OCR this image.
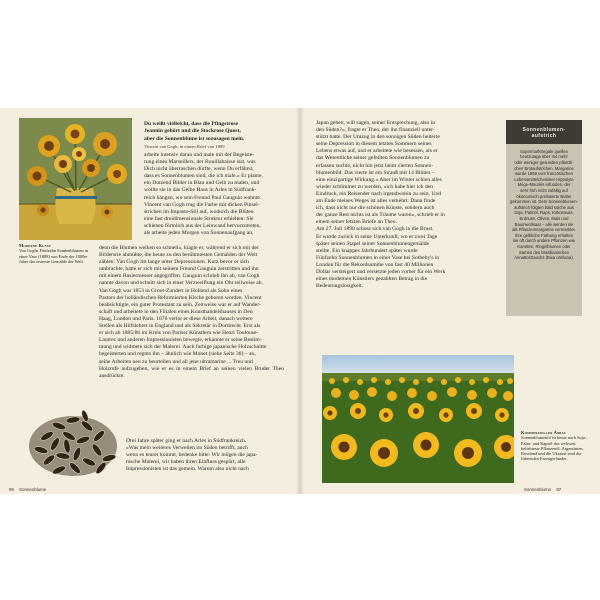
Moderne Kunst
Van Goghs Fünfzehn Sonnenblumen in einer Vase (1888) von Ende der 1880er Jahre das teuerste Gemälde der Welt.
Du weißt vielleicht, dass die Pfingstrose
Jeannin gehört und die Stockrose Quost,
aber die Sonnenblume ist sozusagen mein.
Vincent van Gogh, in einem Brief von 1889
arbeite intensiv daran und male mit der Begeiste-
rung eines Marseillers, der Bouillabaisse isst, was
Dich nicht überraschen dürfte, wenn Du erfährst,
dass es Sonnenblumen sind, die ich male.« Er plante,
ein Dutzend Bilder in Blau und Gelb zu malen, und
wollte sie in das Gelbe Haus in Arles in Südfrank-
reich hängen, wo sein Freund Paul Gauguin wohnte.
Vincent van Gogh trug die Farbe mit dicken Pinsel-
strichen im Impasto-Stil auf, wodurch die Blüten
eine fast dreidimensionale Struktur erhielten: Sie
schienen förmlich aus der Leinwand hervorzutreten,
als arbeite jeden Morgen von Sonnenaufgang an,
denn die Blumen welken so schnell«, klagte er, während er sich mit der
Bildersrie abmühte, die heute zu den berühmtesten Gemälden der Welt
zählen. Van Gogh litt lange unter Depressionen. Kurz bevor er sich
umbrachte, hatte er sich mit seinem Freund Gauguin zerstritten und ihn
mit einem Rasiermesser angegriffen. Gauguin schrieb ihn ab, van Gogh
nannte davon und schnitt sich in einer Verzweiflung ein Ohr teilweise ab.
Van Gogh war 1853 in Groot-Zundert in Holland als Sohn eines
Pastors der holländischen Reformierten Kirche geboren worden. Vincent
beabsichtigte, ein guter Protestant zu sein. Zeitweise war er auf Wander-
schaft und arbeitete in den Filialen eines Kunsthandelshauses in Den
Haag, London und Paris. 1876 verlor er diese Arbeit, danach weitere
Stellen als Hilfslehrer in England und als Sekretär in Dordrecht. Erst als
er sich ab 1885/86 im Kreis von Pariser Künstlern wie Henri Toulouse-
Lautrec und anderen Impressionisten bewegte, erkannte er seine Bestim-
mung und widmete sich der Malerei. Auch farbige japanische Holzschnitte
begeisterten und regten ihn – ähnlich wie Monet (siehe Seite 38) – an,
seine Arbeiten neu zu beurteilen und all jene ultramarine ... Treu und
Holzrufe aufzugeben, wie er es in einem Brief an seinen vielen Bruder Theo ausdrückte.
Drei Jahre später ging er nach Arles in Südfrankreich.
»Was mein weiteres Verweilen im Süden betrifft, auch
wenn es teurer kommt, bedenke bitte: Wir mögen die japa-
nische Malerei, wir haben ihren Einfluss gespürt, alle
Impressionisten ist das gemein. Warum also nicht nach
96 Sonnenblume
Japan gehen, will sagen, seiner Entsprechung, also in
den Süden?«, fragte er Theo, der ihn finanziell unter-
stützt hatte. Der Umzug in den sonnigen Süden heiterte
seine Depression in diesem letzten Sommern seines
Lebens etwas auf, und er arbeitete wie besessen, als er
das Wesentliche seiner gefeilten Sonnenblumen zu
erfassen suchte, nicht hin jetzt beim vierten Sonnen-
blumenbild. Das vierte ist ein Strauß mit 14 Blüten –
eine einzigartige Wirkung.« Aber im Winter schien alles
wieder schlimmer zu werden, »ich habe hier ich den
Eindruck, ein Reisender nach irgendwohin zu sein. Und
am Ende meines Weges ist alles verkehrt: Dann finde
ich, dass nicht nur die schönen Künste, sondern auch
der ganze Rest nichts ist als Träume waren«, schrieb er in
einem seiner letzten Briefe an Theo.
Am 27. Juli 1890 schoss sich van Gogh in die Brust.
Er wurde zurück in seine Unterkunft, wo er zwei Tage
später seinen Stapel seiner Sonnenblumengemälde
stellte. Ein knappes Jahrhundert später wurde
Fünfzehn Sonnenblumen in einer Vase bei Sotheby's in
London für die Rekordsumme von fast 40 Millionen
Dollar versteigert und versetzte jeden vorher für ein Werk
eines modernen Künstlers gezahlten Betrag in die
Bedeutungslosigkeit.
Sonnenblumen-
aufstrich
Supermarktregale quellen
heutzutage über mit mehr
oder weniger gesunden pflanzli-
chen Brotaufstrichen. Margarine
wurde 1869 vom französischen
Lebensmittelchemiker Hippolyte
Mège-Mouriès erfunden, der
sehr früh nicht zufällig auf
ökonomisch preiswerte Butter
gekommen ist. Dem Sonnenblumen-
aufstrich folgten bald solche aus
Soja, Palmöl, Raps, Kokosnuss,
Erdnuss, Oliven, Mais und
Baumwollsaat – alle werden sie
als Pflanzenmargarine vermarktet.
Ihre gelbliche Färbung erhalten
sie oft durch andere Pflanzen wie
Karotten, Ringelblumen oder
Samen des brasilianischen
Annattostrauchs (Bixa orellana).
Kommerzieller Anbau
Sonnenblumenöl ist heute nach Soja-, Palm- und Rapsöl das weltweit beliebteste Pflanzenöl. Argentinien, Russland und die Ukraine sind die führenden Erzeugerländer.
Sonnenblume 97
